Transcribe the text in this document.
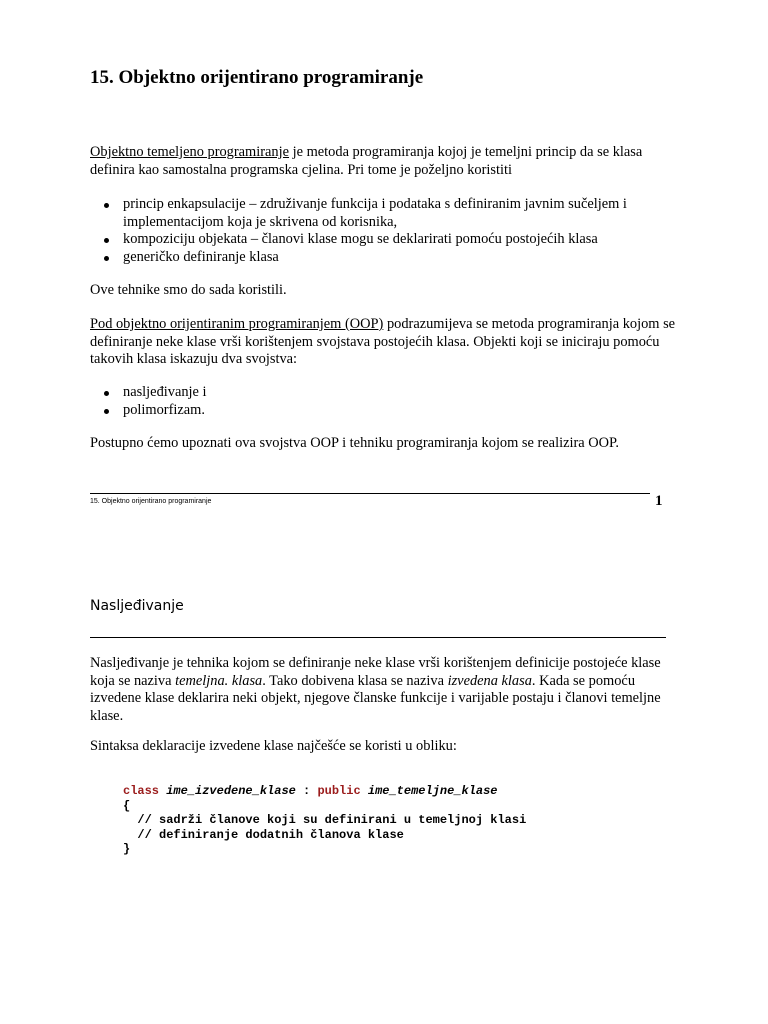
15. Objektno orijentirano programiranje
Objektno temeljeno programiranje je metoda programiranja kojoj je temeljni princip da se klasa definira kao samostalna programska cjelina. Pri tome je poželjno koristiti
princip enkapsulacije – združivanje funkcija i podataka s definiranim javnim sučeljem i implementacijom koja je skrivena od korisnika,
kompoziciju objekata – članovi klase mogu se deklarirati pomoću postojećih klasa
generičko definiranje klasa
Ove tehnike smo do sada koristili.
Pod objektno orijentiranim programiranjem (OOP) podrazumijeva se metoda programiranja kojom se definiranje neke klase vrši korištenjem svojstava postojećih klasa. Objekti koji se iniciraju pomoću takovih klasa iskazuju dva svojstva:
nasljeđivanje i
polimorfizam.
Postupno ćemo upoznati ova svojstva OOP i tehniku programiranja kojom se realizira OOP.
15. Objektno orijentirano programiranje	1
Nasljeđivanje
Nasljeđivanje je tehnika kojom se definiranje neke klase vrši korištenjem definicije postojeće klase koja se naziva temeljna. klasa. Tako dobivena klasa se naziva izvedena klasa. Kada se pomoću izvedene klase deklarira neki objekt, njegove članske funkcije i varijable postaju i članovi temeljne klase.
Sintaksa deklaracije izvedene klase najčešće se koristi u obliku:
class ime_izvedene_klase : public ime_temeljne_klase
{
// sadrži članove koji su definirani u temeljnoj klasi
// definiranje dodatnih članova klase
}
